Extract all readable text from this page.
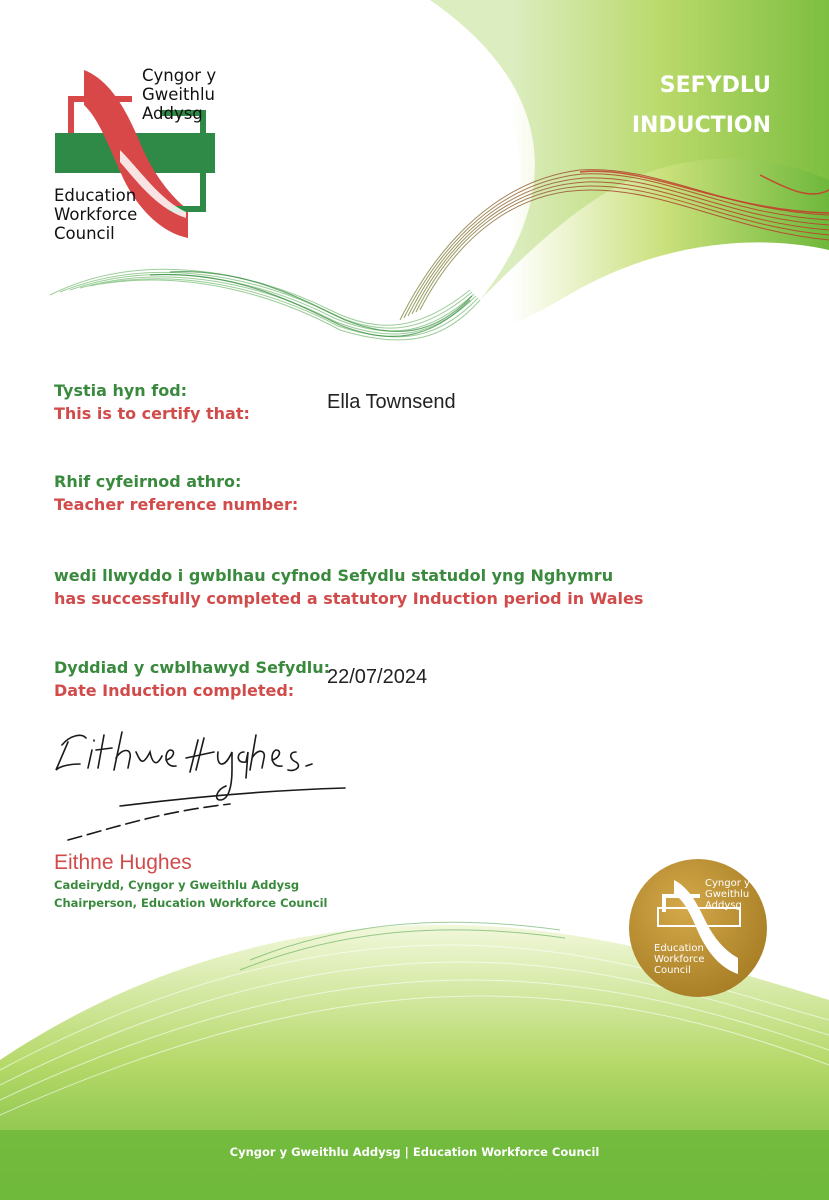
SEFYDLU
INDUCTION
Cyngor y
Gweithlu
Addysg
Education
Workforce
Council
Tystia hyn fod:
This is to certify that:
Ella Townsend
Rhif cyfeirnod athro:
Teacher reference number:
wedi llwyddo i gwblhau cyfnod Sefydlu statudol yng Nghymru
has successfully completed a statutory Induction period in Wales
Dyddiad y cwblhawyd Sefydlu:
Date Induction completed:
22/07/2024
Eithne Hughes
Cadeirydd, Cyngor y Gweithlu Addysg
Chairperson, Education Workforce Council
Cyngor y
Gweithlu
Addysg
Education
Workforce
Council
Cyngor y Gweithlu Addysg | Education Workforce Council
